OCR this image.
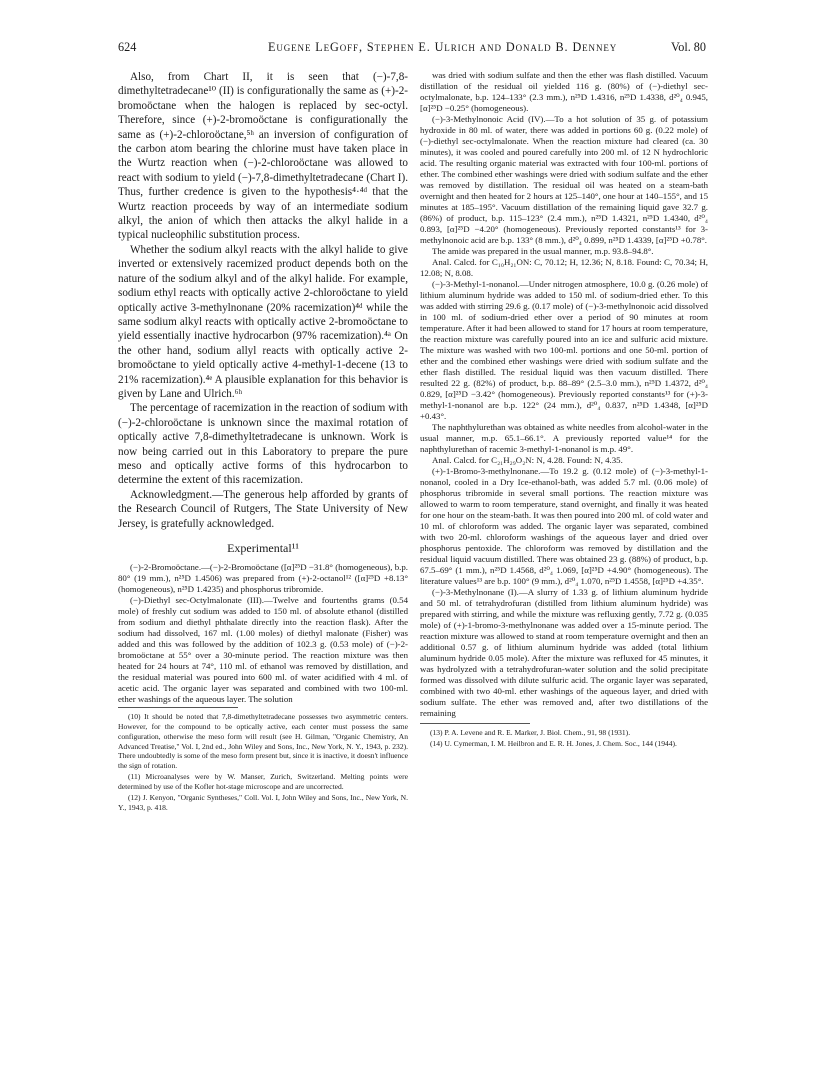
624	Eugene LeGoff, Stephen E. Ulrich and Donald B. Denney	Vol. 80

Also, from Chart II, it is seen that (−)-7,8-dimethyltetradecane¹⁰ (II) is configurationally the same as (+)-2-bromoöctane when the halogen is replaced by sec-octyl. Therefore, since (+)-2-bromoöctane is configurationally the same as (+)-2-chloroöctane,⁵ʰ an inversion of configuration of the carbon atom bearing the chlorine must have taken place in the Wurtz reaction when (−)-2-chloroöctane was allowed to react with sodium to yield (−)-7,8-dimethyltetradecane (Chart I). Thus, further credence is given to the hypothesis⁴·⁴ᵈ that the Wurtz reaction proceeds by way of an intermediate sodium alkyl, the anion of which then attacks the alkyl halide in a typical nucleophilic substitution process.

Whether the sodium alkyl reacts with the alkyl halide to give inverted or extensively racemized product depends both on the nature of the sodium alkyl and of the alkyl halide. For example, sodium ethyl reacts with optically active 2-chloroöctane to yield optically active 3-methylnonane (20% racemization)⁴ᵈ while the same sodium alkyl reacts with optically active 2-bromoöctane to yield essentially inactive hydrocarbon (97% racemization).⁴ᵃ On the other hand, sodium allyl reacts with optically active 2-bromoöctane to yield optically active 4-methyl-1-decene (13 to 21% racemization).⁴ᵉ A plausible explanation for this behavior is given by Lane and Ulrich.⁶ʰ

The percentage of racemization in the reaction of sodium with (−)-2-chloroöctane is unknown since the maximal rotation of optically active 7,8-dimethyltetradecane is unknown. Work is now being carried out in this Laboratory to prepare the pure meso and optically active forms of this hydrocarbon to determine the extent of this racemization.

Acknowledgment.—The generous help afforded by grants of the Research Council of Rutgers, The State University of New Jersey, is gratefully acknowledged.

Experimental¹¹

(−)-2-Bromoöctane.—(−)-2-Bromoöctane ([α]²⁵D −31.8° (homogeneous), b.p. 80° (19 mm.), n²⁵D 1.4506) was prepared from (+)-2-octanol¹² ([α]²⁵D +8.13° (homogeneous), n²⁵D 1.4235) and phosphorus tribromide.

(−)-Diethyl sec-Octylmalonate (III).—Twelve and fourtenths grams (0.54 mole) of freshly cut sodium was added to 150 ml. of absolute ethanol (distilled from sodium and diethyl phthalate directly into the reaction flask). After the sodium had dissolved, 167 ml. (1.00 moles) of diethyl malonate (Fisher) was added and this was followed by the addition of 102.3 g. (0.53 mole) of (−)-2-bromoöctane at 55° over a 30-minute period. The reaction mixture was then heated for 24 hours at 74°, 110 ml. of ethanol was removed by distillation, and the residual material was poured into 600 ml. of water acidified with 4 ml. of acetic acid. The organic layer was separated and combined with two 100-ml. ether washings of the aqueous layer. The solution

(10) It should be noted that 7,8-dimethyltetradecane possesses two asymmetric centers. However, for the compound to be optically active, each center must possess the same configuration, otherwise the meso form will result (see H. Gilman, "Organic Chemistry, An Advanced Treatise," Vol. I, 2nd ed., John Wiley and Sons, Inc., New York, N. Y., 1943, p. 232). There undoubtedly is some of the meso form present but, since it is inactive, it doesn't influence the sign of rotation.

(11) Microanalyses were by W. Manser, Zurich, Switzerland. Melting points were determined by use of the Kofler hot-stage microscope and are uncorrected.

(12) J. Kenyon, "Organic Syntheses," Coll. Vol. I, John Wiley and Sons, Inc., New York, N. Y., 1943, p. 418.

was dried with sodium sulfate and then the ether was flash distilled. Vacuum distillation of the residual oil yielded 116 g. (80%) of (−)-diethyl sec-octylmalonate, b.p. 124–133° (2.3 mm.), n²⁵D 1.4316, n²⁵D 1.4338, d²⁰₄ 0.945, [α]²⁵D −0.25° (homogeneous).

(−)-3-Methylnonoic Acid (IV).—To a hot solution of 35 g. of potassium hydroxide in 80 ml. of water, there was added in portions 60 g. (0.22 mole) of (−)-diethyl sec-octylmalonate. When the reaction mixture had cleared (ca. 30 minutes), it was cooled and poured carefully into 200 ml. of 12 N hydrochloric acid. The resulting organic material was extracted with four 100-ml. portions of ether. The combined ether washings were dried with sodium sulfate and the ether was removed by distillation. The residual oil was heated on a steam-bath overnight and then heated for 2 hours at 125–140°, one hour at 140–155°, and 15 minutes at 185–195°. Vacuum distillation of the remaining liquid gave 32.7 g. (86%) of product, b.p. 115–123° (2.4 mm.), n²⁵D 1.4321, n²⁵D 1.4340, d²⁰₄ 0.893, [α]²⁵D −4.20° (homogeneous). Previously reported constants¹³ for 3-methylnonoic acid are b.p. 133° (8 mm.), d²⁰₄ 0.899, n²⁵D 1.4339, [α]²⁵D +0.78°.

The amide was prepared in the usual manner, m.p. 93.8–94.8°.

Anal. Calcd. for C₁₀H₂₁ON: C, 70.12; H, 12.36; N, 8.18. Found: C, 70.34; H, 12.08; N, 8.08.

(−)-3-Methyl-1-nonanol.—Under nitrogen atmosphere, 10.0 g. (0.26 mole) of lithium aluminum hydride was added to 150 ml. of sodium-dried ether. To this was added with stirring 29.6 g. (0.17 mole) of (−)-3-methylnonoic acid dissolved in 100 ml. of sodium-dried ether over a period of 90 minutes at room temperature. After it had been allowed to stand for 17 hours at room temperature, the reaction mixture was carefully poured into an ice and sulfuric acid mixture. The mixture was washed with two 100-ml. portions and one 50-ml. portion of ether and the combined ether washings were dried with sodium sulfate and the ether flash distilled. The residual liquid was then vacuum distilled. There resulted 22 g. (82%) of product, b.p. 88–89° (2.5–3.0 mm.), n²⁵D 1.4372, d²⁰₄ 0.829, [α]²⁵D −3.42° (homogeneous). Previously reported constants¹³ for (+)-3-methyl-1-nonanol are b.p. 122° (24 mm.), d²⁰₄ 0.837, n²⁵D 1.4348, [α]²⁵D +0.43°.

The naphthylurethan was obtained as white needles from alcohol-water in the usual manner, m.p. 65.1–66.1°. A previously reported value¹⁴ for the naphthylurethan of racemic 3-methyl-1-nonanol is m.p. 49°.

Anal. Calcd. for C₂₁H₂₉O₂N: N, 4.28. Found: N, 4.35.

(+)-1-Bromo-3-methylnonane.—To 19.2 g. (0.12 mole) of (−)-3-methyl-1-nonanol, cooled in a Dry Ice-ethanol-bath, was added 5.7 ml. (0.06 mole) of phosphorus tribromide in several small portions. The reaction mixture was allowed to warm to room temperature, stand overnight, and finally it was heated for one hour on the steam-bath. It was then poured into 200 ml. of cold water and 10 ml. of chloroform was added. The organic layer was separated, combined with two 20-ml. chloroform washings of the aqueous layer and dried over phosphorus pentoxide. The chloroform was removed by distillation and the residual liquid vacuum distilled. There was obtained 23 g. (88%) of product, b.p. 67.5–69° (1 mm.), n²⁵D 1.4568, d²⁰₄ 1.069, [α]²⁵D +4.90° (homogeneous). The literature values¹³ are b.p. 100° (9 mm.), d²⁰₄ 1.070, n²⁵D 1.4558, [α]²⁵D +4.35°.

(−)-3-Methylnonane (I).—A slurry of 1.33 g. of lithium aluminum hydride and 50 ml. of tetrahydrofuran (distilled from lithium aluminum hydride) was prepared with stirring, and while the mixture was refluxing gently, 7.72 g. (0.035 mole) of (+)-1-bromo-3-methylnonane was added over a 15-minute period. The reaction mixture was allowed to stand at room temperature overnight and then an additional 0.57 g. of lithium aluminum hydride was added (total lithium aluminum hydride 0.05 mole). After the mixture was refluxed for 45 minutes, it was hydrolyzed with a tetrahydrofuran-water solution and the solid precipitate formed was dissolved with dilute sulfuric acid. The organic layer was separated, combined with two 40-ml. ether washings of the aqueous layer, and dried with sodium sulfate. The ether was removed and, after two distillations of the remaining

(13) P. A. Levene and R. E. Marker, J. Biol. Chem., 91, 98 (1931).

(14) U. Cymerman, I. M. Heilbron and E. R. H. Jones, J. Chem. Soc., 144 (1944).
